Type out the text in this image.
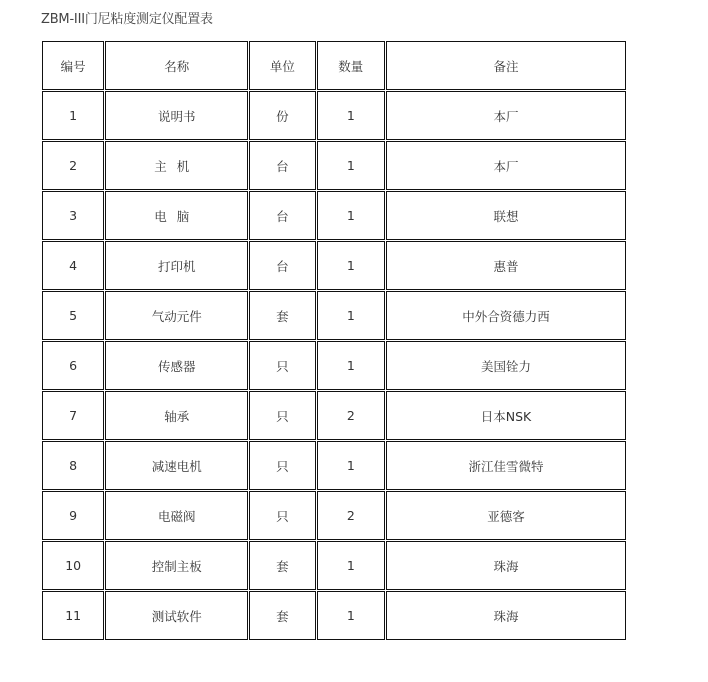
ZBM-III门尼粘度测定仪配置表
编号	名称	单位	数量	备注
1	说明书	份	1	本厂
2	主机	台	1	本厂
3	电脑	台	1	联想
4	打印机	台	1	惠普
5	气动元件	套	1	中外合资德力西
6	传感器	只	1	美国铨力
7	轴承	只	2	日本NSK
8	减速电机	只	1	浙江佳雪微特
9	电磁阀	只	2	亚德客
10	控制主板	套	1	珠海
11	测试软件	套	1	珠海
